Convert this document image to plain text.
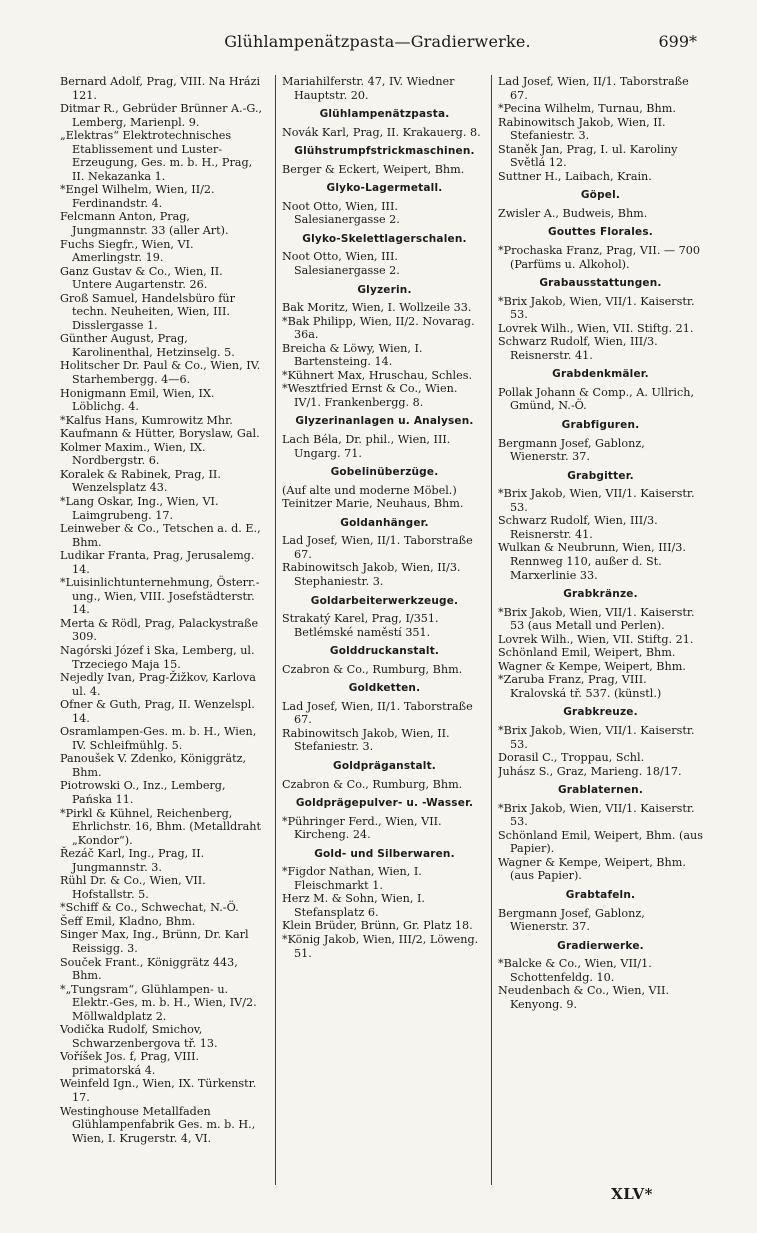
Glühlampenätzpasta—Gradierwerke.	699*
Bernard Adolf, Prag, VIII. Na Hrázi 121.
Ditmar R., Gebrüder Brünner A.-G., Lemberg, Marienpl. 9.
„Elektras“ Elektrotechnisches Etablissement und Luster-Erzeugung, Ges. m. b. H., Prag, II. Nekazanka 1.
*Engel Wilhelm, Wien, II/2. Ferdinandstr. 4.
Felcmann Anton, Prag, Jungmannstr. 33 (aller Art).
Fuchs Siegfr., Wien, VI. Amerlingstr. 19.
Ganz Gustav & Co., Wien, II. Untere Augartenstr. 26.
Groß Samuel, Handelsbüro für techn. Neuheiten, Wien, III. Disslergasse 1.
Günther August, Prag, Karolinenthal, Hetzinselg. 5.
Holitscher Dr. Paul & Co., Wien, IV. Starhembergg. 4—6.
Honigmann Emil, Wien, IX. Löblichg. 4.
*Kalfus Hans, Kumrowitz Mhr.
Kaufmann & Hütter, Boryslaw, Gal.
Kolmer Maxim., Wien, IX. Nordbergstr. 6.
Koralek & Rabinek, Prag, II. Wenzelsplatz 43.
*Lang Oskar, Ing., Wien, VI. Laimgrubeng. 17.
Leinweber & Co., Tetschen a. d. E., Bhm.
Ludikar Franta, Prag, Jerusalemg. 14.
*Luisinlichtunternehmung, Österr.-ung., Wien, VIII. Josefstädterstr. 14.
Merta & Rödl, Prag, Palackystraße 309.
Nagórski Józef i Ska, Lemberg, ul. Trzeciego Maja 15.
Nejedly Ivan, Prag-Žižkov, Karlova ul. 4.
Ofner & Guth, Prag, II. Wenzelspl. 14.
Osramlampen-Ges. m. b. H., Wien, IV. Schleifmühlg. 5.
Panoušek V. Zdenko, Königgrätz, Bhm.
Piotrowski O., Inz., Lemberg, Pańska 11.
*Pirkl & Kühnel, Reichenberg, Ehrlichstr. 16, Bhm. (Metalldraht „Kondor“).
Řezáč Karl, Ing., Prag, II. Jungmannstr. 3.
Rühl Dr. & Co., Wien, VII. Hofstallstr. 5.
*Schiff & Co., Schwechat, N.-Ö.
Šeff Emil, Kladno, Bhm.
Singer Max, Ing., Brünn, Dr. Karl Reissigg. 3.
Souček Frant., Königgrätz 443, Bhm.
*„Tungsram“, Glühlampen- u. Elektr.-Ges, m. b. H., Wien, IV/2. Möllwaldplatz 2.
Vodička Rudolf, Smichov, Schwarzenbergova tř. 13.
Voříšek Jos. f, Prag, VIII. primatorská 4.
Weinfeld Ign., Wien, IX. Türkenstr. 17.
Westinghouse Metallfaden Glühlampenfabrik Ges. m. b. H., Wien, I. Krugerstr. 4, VI.
Mariahilferstr. 47, IV. Wiedner Hauptstr. 20.
Glühlampenätzpasta.
Novák Karl, Prag, II. Krakauerg. 8.
Glühstrumpfstrickmaschinen.
Berger & Eckert, Weipert, Bhm.
Glyko-Lagermetall.
Noot Otto, Wien, III. Salesianergasse 2.
Glyko-Skelettlagerschalen.
Noot Otto, Wien, III. Salesianergasse 2.
Glyzerin.
Bak Moritz, Wien, I. Wollzeile 33.
*Bak Philipp, Wien, II/2. Novarag. 36a.
Breicha & Löwy, Wien, I. Bartensteing. 14.
*Kühnert Max, Hruschau, Schles.
*Wesztfried Ernst & Co., Wien. IV/1. Frankenbergg. 8.
Glyzerinanlagen u. Analysen.
Lach Béla, Dr. phil., Wien, III. Ungarg. 71.
Gobelinüberzüge.
(Auf alte und moderne Möbel.)
Teinitzer Marie, Neuhaus, Bhm.
Goldanhänger.
Lad Josef, Wien, II/1. Taborstraße 67.
Rabinowitsch Jakob, Wien, II/3. Stephaniestr. 3.
Goldarbeiterwerkzeuge.
Strakatý Karel, Prag, I/351. Betlémské naměstí 351.
Golddruckanstalt.
Czabron & Co., Rumburg, Bhm.
Goldketten.
Lad Josef, Wien, II/1. Taborstraße 67.
Rabinowitsch Jakob, Wien, II. Stefaniestr. 3.
Goldpräganstalt.
Czabron & Co., Rumburg, Bhm.
Goldprägepulver- u. -Wasser.
*Pühringer Ferd., Wien, VII. Kircheng. 24.
Gold- und Silberwaren.
*Figdor Nathan, Wien, I. Fleischmarkt 1.
Herz M. & Sohn, Wien, I. Stefansplatz 6.
Klein Brüder, Brünn, Gr. Platz 18.
*König Jakob, Wien, III/2, Löweng. 51.
Lad Josef, Wien, II/1. Taborstraße 67.
*Pecina Wilhelm, Turnau, Bhm.
Rabinowitsch Jakob, Wien, II. Stefaniestr. 3.
Staněk Jan, Prag, I. ul. Karoliny Světlá 12.
Suttner H., Laibach, Krain.
Göpel.
Zwisler A., Budweis, Bhm.
Gouttes Florales.
*Prochaska Franz, Prag, VII. — 700 (Parfüms u. Alkohol).
Grabausstattungen.
*Brix Jakob, Wien, VII/1. Kaiserstr. 53.
Lovrek Wilh., Wien, VII. Stiftg. 21.
Schwarz Rudolf, Wien, III/3. Reisnerstr. 41.
Grabdenkmäler.
Pollak Johann & Comp., A. Ullrich, Gmünd, N.-Ö.
Grabfiguren.
Bergmann Josef, Gablonz, Wienerstr. 37.
Grabgitter.
*Brix Jakob, Wien, VII/1. Kaiserstr. 53.
Schwarz Rudolf, Wien, III/3. Reisnerstr. 41.
Wulkan & Neubrunn, Wien, III/3. Rennweg 110, außer d. St. Marxerlinie 33.
Grabkränze.
*Brix Jakob, Wien, VII/1. Kaiserstr. 53 (aus Metall und Perlen).
Lovrek Wilh., Wien, VII. Stiftg. 21.
Schönland Emil, Weipert, Bhm.
Wagner & Kempe, Weipert, Bhm.
*Zaruba Franz, Prag, VIII. Kralovská tř. 537. (künstl.)
Grabkreuze.
*Brix Jakob, Wien, VII/1. Kaiserstr. 53.
Dorasil C., Troppau, Schl.
Juhász S., Graz, Marieng. 18/17.
Grablaternen.
*Brix Jakob, Wien, VII/1. Kaiserstr. 53.
Schönland Emil, Weipert, Bhm. (aus Papier).
Wagner & Kempe, Weipert, Bhm. (aus Papier).
Grabtafeln.
Bergmann Josef, Gablonz, Wienerstr. 37.
Gradierwerke.
*Balcke & Co., Wien, VII/1. Schottenfeldg. 10.
Neudenbach & Co., Wien, VII. Kenyong. 9.
XLV*
